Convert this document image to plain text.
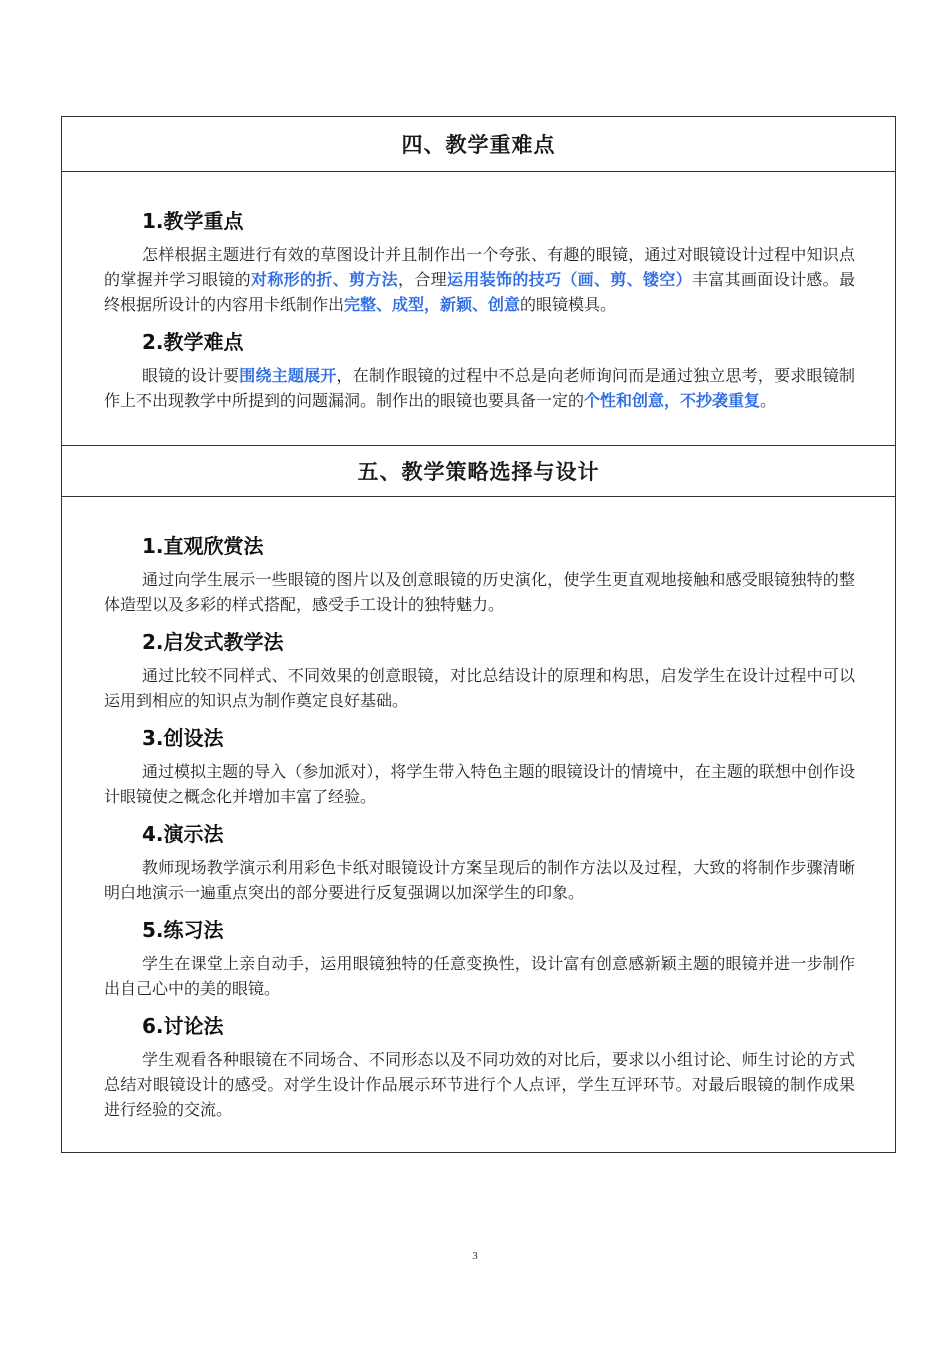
四、教学重难点
1.教学重点

怎样根据主题进行有效的草图设计并且制作出一个夸张、有趣的眼镜，通过对眼镜设计过程中知识点的掌握并学习眼镜的对称形的折、剪方法，合理运用装饰的技巧（画、剪、镂空）丰富其画面设计感。最终根据所设计的内容用卡纸制作出完整、成型，新颖、创意的眼镜模具。

2.教学难点

眼镜的设计要围绕主题展开，在制作眼镜的过程中不总是向老师询问而是通过独立思考，要求眼镜制作上不出现教学中所提到的问题漏洞。制作出的眼镜也要具备一定的个性和创意，不抄袭重复。

五、教学策略选择与设计
1.直观欣赏法

通过向学生展示一些眼镜的图片以及创意眼镜的历史演化，使学生更直观地接触和感受眼镜独特的整体造型以及多彩的样式搭配，感受手工设计的独特魅力。

2.启发式教学法

通过比较不同样式、不同效果的创意眼镜，对比总结设计的原理和构思，启发学生在设计过程中可以运用到相应的知识点为制作奠定良好基础。

3.创设法

通过模拟主题的导入（参加派对），将学生带入特色主题的眼镜设计的情境中，在主题的联想中创作设计眼镜使之概念化并增加丰富了经验。

4.演示法

教师现场教学演示利用彩色卡纸对眼镜设计方案呈现后的制作方法以及过程，大致的将制作步骤清晰明白地演示一遍重点突出的部分要进行反复强调以加深学生的印象。

5.练习法

学生在课堂上亲自动手，运用眼镜独特的任意变换性，设计富有创意感新颖主题的眼镜并进一步制作出自己心中的美的眼镜。

6.讨论法

学生观看各种眼镜在不同场合、不同形态以及不同功效的对比后，要求以小组讨论、师生讨论的方式总结对眼镜设计的感受。对学生设计作品展示环节进行个人点评，学生互评环节。对最后眼镜的制作成果进行经验的交流。

3
